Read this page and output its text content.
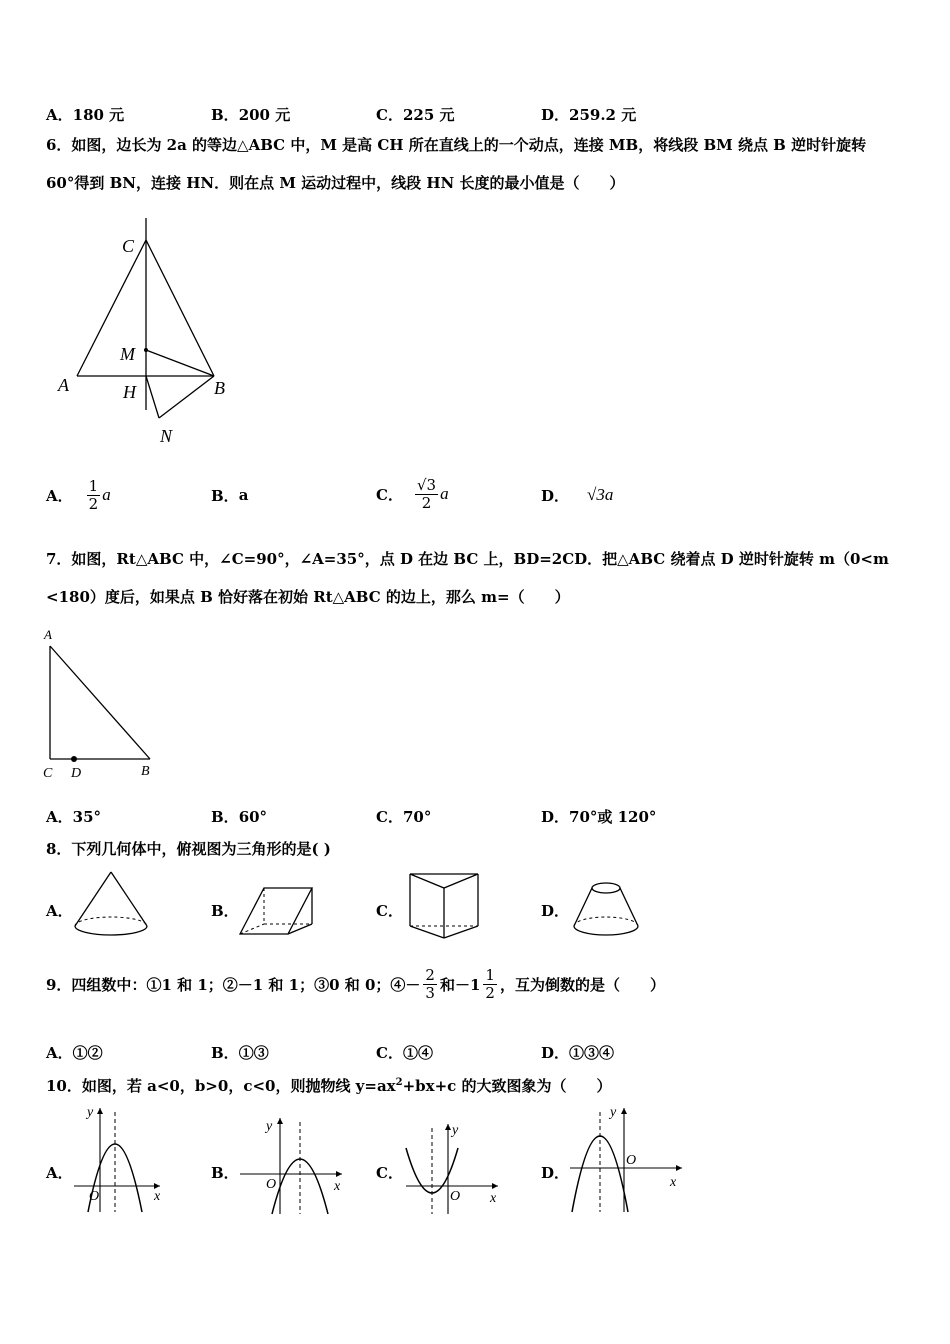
A．180 元	B．200 元	C．225 元	D．259.2 元
6．如图，边长为 2a 的等边△ABC 中，M 是高 CH 所在直线上的一个动点，连接 MB，将线段 BM 绕点 B 逆时针旋转
60°得到 BN，连接 HN．则在点 M 运动过程中，线段 HN 长度的最小值是（　　）
C
M
A	H	B
N
A． $\frac{1}{2}$ a	B． a	C． $\frac{√3}{2}$ a	D． √3a
7．如图，Rt△ABC 中，∠C=90°，∠A=35°，点 D 在边 BC 上，BD=2CD．把△ABC 绕着点 D 逆时针旋转 m（0<m
<180）度后，如果点 B 恰好落在初始 Rt△ABC 的边上，那么 m=（　　）
A
C D	B
A．35°	B．60°	C．70°	D．70°或 120°
8．下列几何体中，俯视图为三角形的是( )
A．	B．	C．	D．
9．四组数中：①1 和 1；②－1 和 1；③0 和 0；④－ $\frac{2}{3}$ 和$-1 \frac{1}{2}$ ，互为倒数的是（　　）
A．①②	B．①③	C．①④	D．①③④
10．如图，若 a<0，b>0，c<0，则抛物线 $y=ax^2+bx+c$ 的大致图象为（　　）
A．
y
O	x
B．
y
O	x
C．
y
O x
D．
y
O
x
